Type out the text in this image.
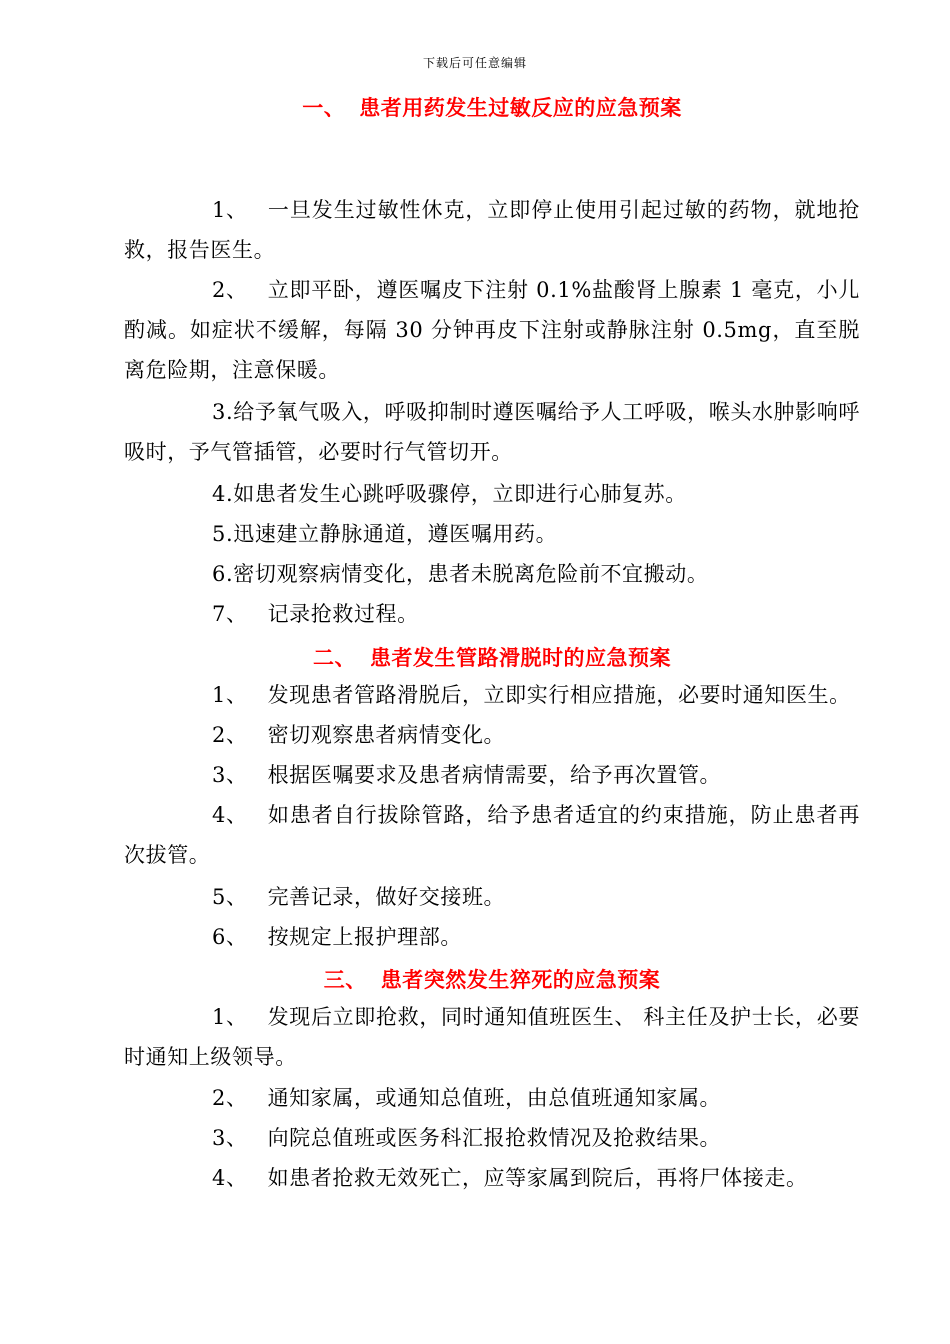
下载后可任意编辑
一、 患者用药发生过敏反应的应急预案
1、 一旦发生过敏性休克，立即停止使用引起过敏的药物，就地抢救，报告医生。
2、 立即平卧，遵医嘱皮下注射 0.1%盐酸肾上腺素 1 毫克，小儿酌减。如症状不缓解，每隔 30 分钟再皮下注射或静脉注射 0.5mg，直至脱离危险期，注意保暖。
3.给予氧气吸入，呼吸抑制时遵医嘱给予人工呼吸，喉头水肿影响呼吸时，予气管插管，必要时行气管切开。
4.如患者发生心跳呼吸骤停，立即进行心肺复苏。
5.迅速建立静脉通道，遵医嘱用药。
6.密切观察病情变化，患者未脱离危险前不宜搬动。
7、 记录抢救过程。
二、 患者发生管路滑脱时的应急预案
1、 发现患者管路滑脱后，立即实行相应措施，必要时通知医生。
2、 密切观察患者病情变化。
3、 根据医嘱要求及患者病情需要，给予再次置管。
4、 如患者自行拔除管路，给予患者适宜的约束措施，防止患者再次拔管。
5、 完善记录，做好交接班。
6、 按规定上报护理部。
三、 患者突然发生猝死的应急预案
1、 发现后立即抢救，同时通知值班医生、 科主任及护士长，必要时通知上级领导。
2、 通知家属，或通知总值班，由总值班通知家属。
3、 向院总值班或医务科汇报抢救情况及抢救结果。
4、 如患者抢救无效死亡，应等家属到院后，再将尸体接走。
